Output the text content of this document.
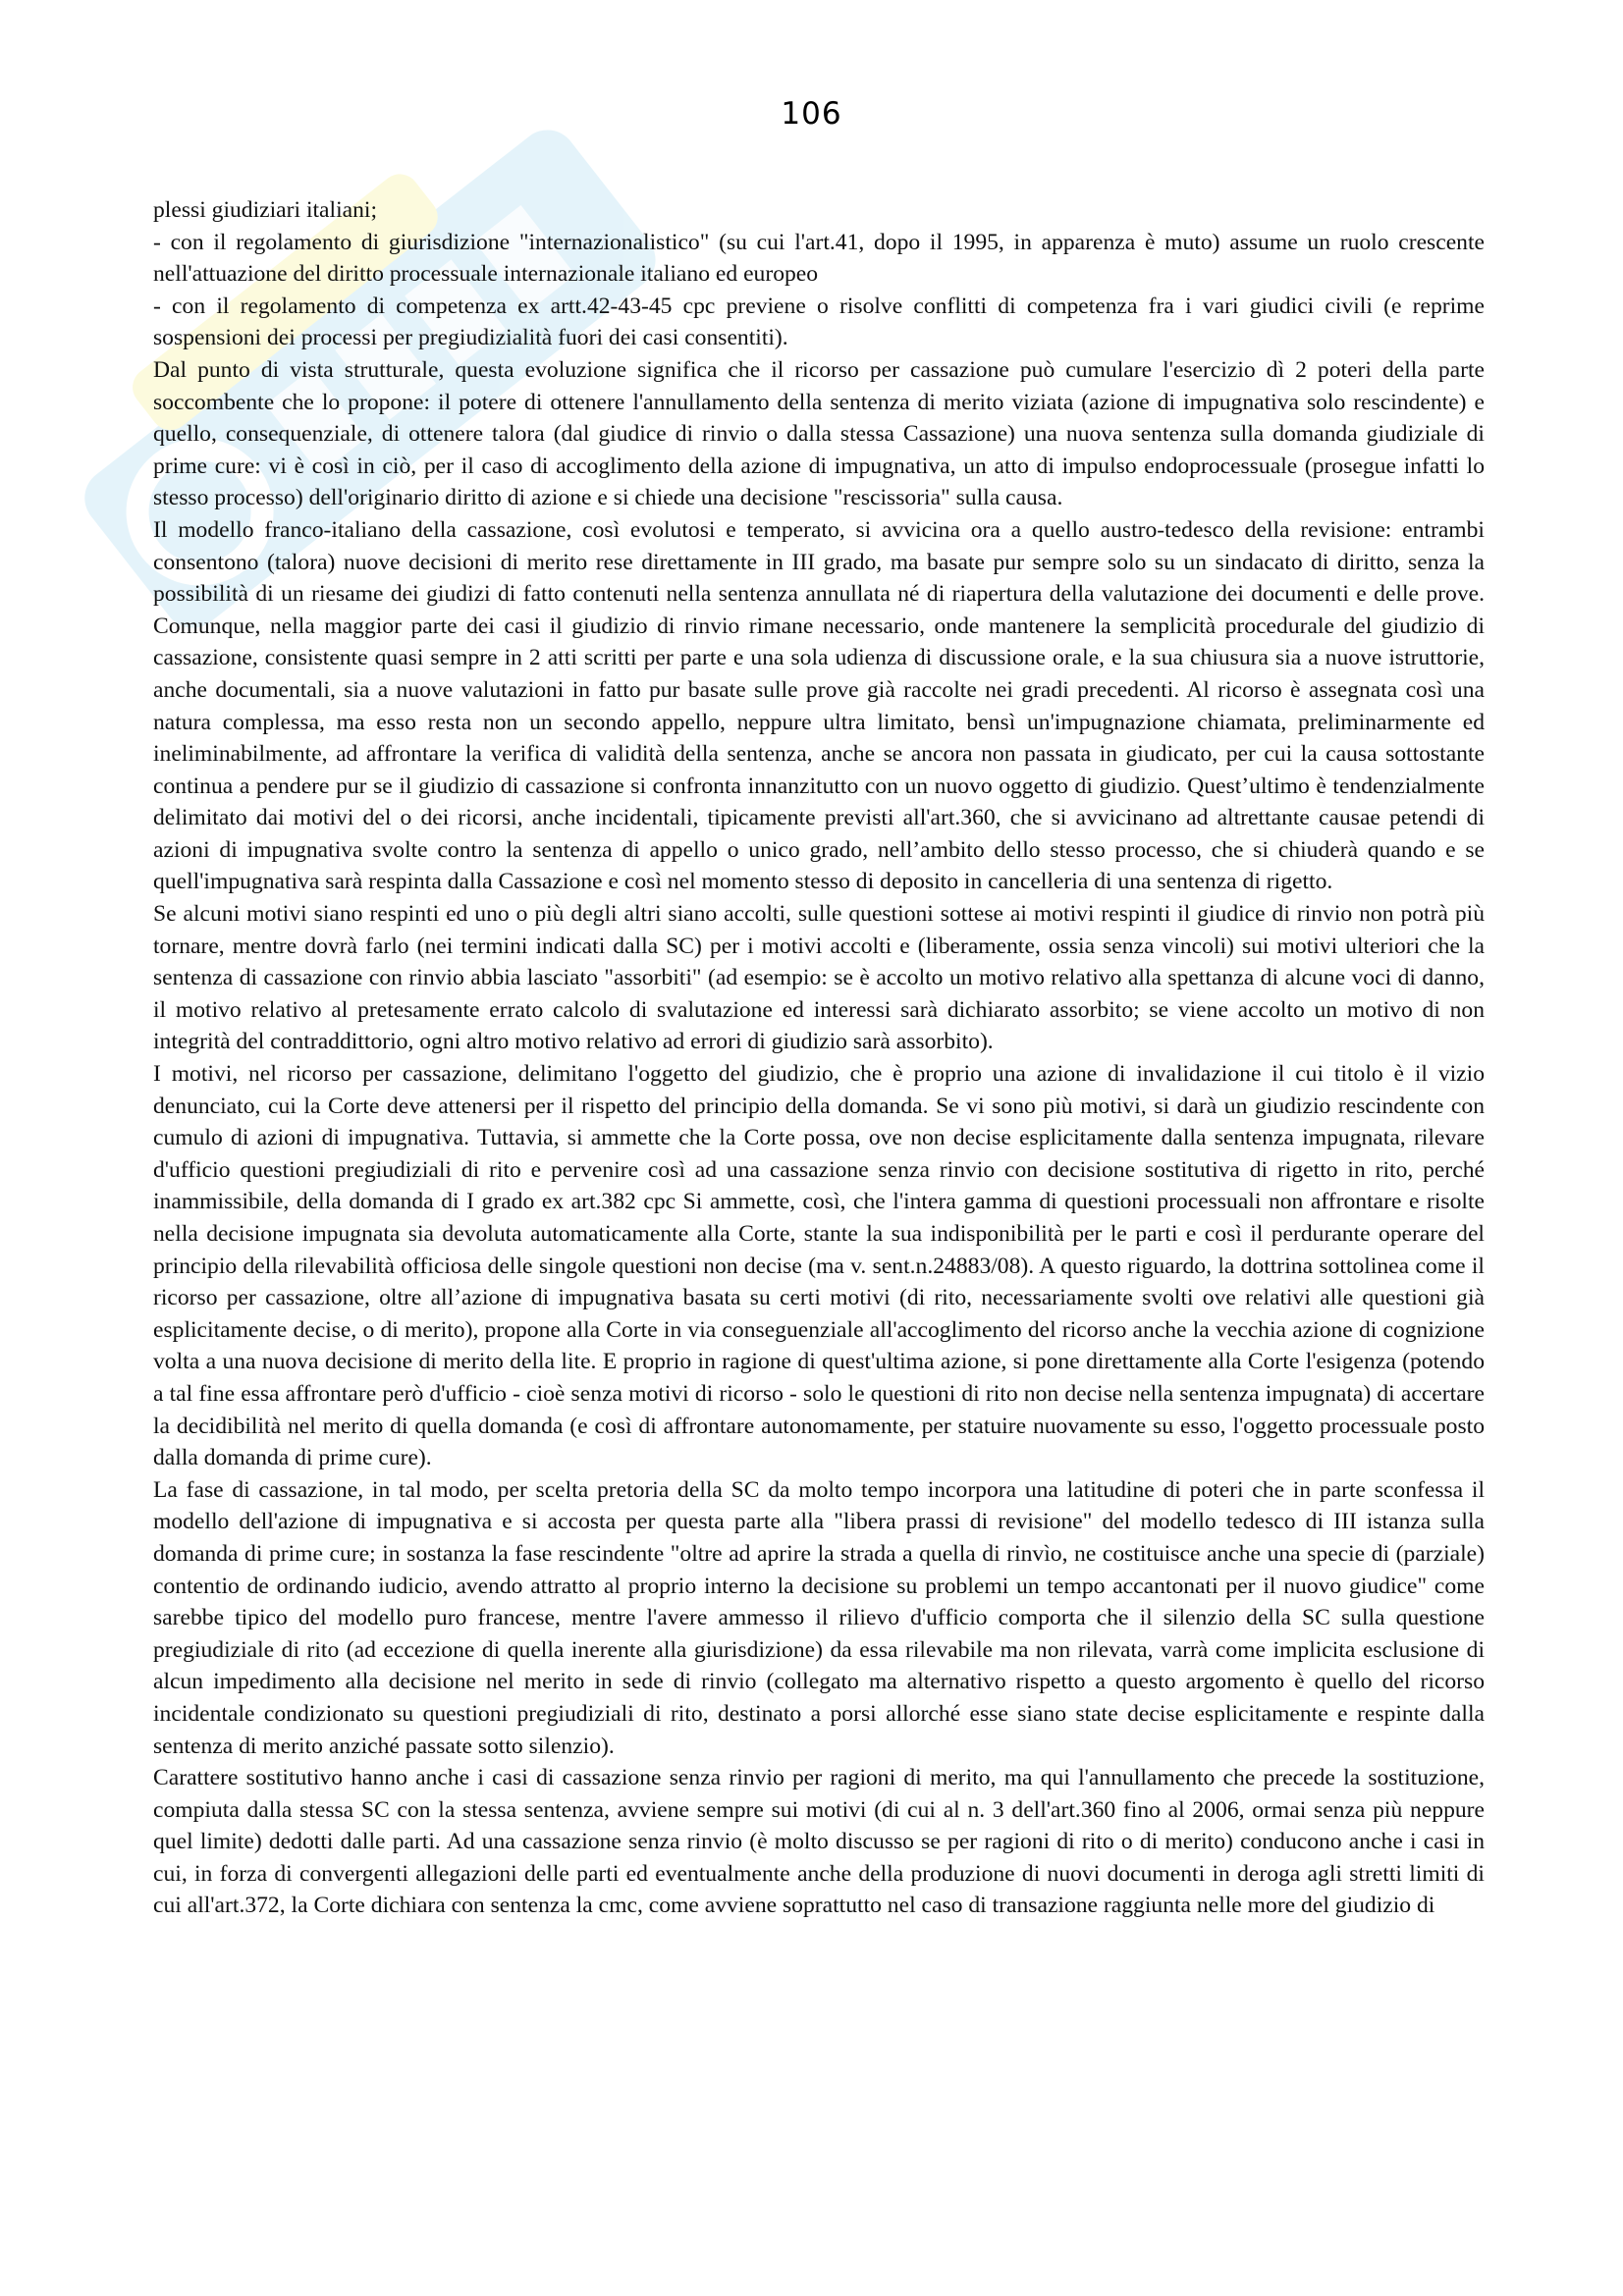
106

plessi giudiziari italiani;

- con il regolamento di giurisdizione "internazionalistico" (su cui l'art.41, dopo il 1995, in apparenza è muto) assume un ruolo crescente nell'attuazione del diritto processuale internazionale italiano ed europeo

- con il regolamento di competenza ex artt.42-43-45 cpc previene o risolve conflitti di competenza fra i vari giudici civili (e reprime sospensioni dei processi per pregiudizialità fuori dei casi consentiti).

Dal punto di vista strutturale, questa evoluzione significa che il ricorso per cassazione può cumulare l'esercizio dì 2 poteri della parte soccombente che lo propone: il potere di ottenere l'annullamento della sentenza di merito viziata (azione di impugnativa solo rescindente) e quello, consequenziale, di ottenere talora (dal giudice di rinvio o dalla stessa Cassazione) una nuova sentenza sulla domanda giudiziale di prime cure: vi è così in ciò, per il caso di accoglimento della azione di impugnativa, un atto di impulso endoprocessuale (prosegue infatti lo stesso processo) dell'originario diritto di azione e si chiede una decisione "rescissoria" sulla causa.

Il modello franco-italiano della cassazione, così evolutosi e temperato, si avvicina ora a quello austro-tedesco della revisione: entrambi consentono (talora) nuove decisioni di merito rese direttamente in III grado, ma basate pur sempre solo su un sindacato di diritto, senza la possibilità di un riesame dei giudizi di fatto contenuti nella sentenza annullata né di riapertura della valutazione dei documenti e delle prove. Comunque, nella maggior parte dei casi il giudizio di rinvio rimane necessario, onde mantenere la semplicità procedurale del giudizio di cassazione, consistente quasi sempre in 2 atti scritti per parte e una sola udienza di discussione orale, e la sua chiusura sia a nuove istruttorie, anche documentali, sia a nuove valutazioni in fatto pur basate sulle prove già raccolte nei gradi precedenti. Al ricorso è assegnata così una natura complessa, ma esso resta non un secondo appello, neppure ultra limitato, bensì un'impugnazione chiamata, preliminarmente ed ineliminabilmente, ad affrontare la verifica di validità della sentenza, anche se ancora non passata in giudicato, per cui la causa sottostante continua a pendere pur se il giudizio di cassazione si confronta innanzitutto con un nuovo oggetto di giudizio. Quest’ultimo è tendenzialmente delimitato dai motivi del o dei ricorsi, anche incidentali, tipicamente previsti all'art.360, che si avvicinano ad altrettante causae petendi di azioni di impugnativa svolte contro la sentenza di appello o unico grado, nell’ambito dello stesso processo, che si chiuderà quando e se quell'impugnativa sarà respinta dalla Cassazione e così nel momento stesso di deposito in cancelleria di una sentenza di rigetto.

Se alcuni motivi siano respinti ed uno o più degli altri siano accolti, sulle questioni sottese ai motivi respinti il giudice di rinvio non potrà più tornare, mentre dovrà farlo (nei termini indicati dalla SC) per i motivi accolti e (liberamente, ossia senza vincoli) sui motivi ulteriori che la sentenza di cassazione con rinvio abbia lasciato "assorbiti" (ad esempio: se è accolto un motivo relativo alla spettanza di alcune voci di danno, il motivo relativo al pretesamente errato calcolo di svalutazione ed interessi sarà dichiarato assorbito; se viene accolto un motivo di non integrità del contraddittorio, ogni altro motivo relativo ad errori di giudizio sarà assorbito).

I motivi, nel ricorso per cassazione, delimitano l'oggetto del giudizio, che è proprio una azione di invalidazione il cui titolo è il vizio denunciato, cui la Corte deve attenersi per il rispetto del principio della domanda. Se vi sono più motivi, si darà un giudizio rescindente con cumulo di azioni di impugnativa. Tuttavia, si ammette che la Corte possa, ove non decise esplicitamente dalla sentenza impugnata, rilevare d'ufficio questioni pregiudiziali di rito e pervenire così ad una cassazione senza rinvio con decisione sostitutiva di rigetto in rito, perché inammissibile, della domanda di I grado ex art.382 cpc Si ammette, così, che l'intera gamma di questioni processuali non affrontare e risolte nella decisione impugnata sia devoluta automaticamente alla Corte, stante la sua indisponibilità per le parti e così il perdurante operare del principio della rilevabilità officiosa delle singole questioni non decise (ma v. sent.n.24883/08). A questo riguardo, la dottrina sottolinea come il ricorso per cassazione, oltre all’azione di impugnativa basata su certi motivi (di rito, necessariamente svolti ove relativi alle questioni già esplicitamente decise, o di merito), propone alla Corte in via conseguenziale all'accoglimento del ricorso anche la vecchia azione di cognizione volta a una nuova decisione di merito della lite. E proprio in ragione di quest'ultima azione, si pone direttamente alla Corte l'esigenza (potendo a tal fine essa affrontare però d'ufficio - cioè senza motivi di ricorso - solo le questioni di rito non decise nella sentenza impugnata) di accertare la decidibilità nel merito di quella domanda (e così di affrontare autonomamente, per statuire nuovamente su esso, l'oggetto processuale posto dalla domanda di prime cure).

La fase di cassazione, in tal modo, per scelta pretoria della SC da molto tempo incorpora una latitudine di poteri che in parte sconfessa il modello dell'azione di impugnativa e si accosta per questa parte alla "libera prassi di revisione" del modello tedesco di III istanza sulla domanda di prime cure; in sostanza la fase rescindente "oltre ad aprire la strada a quella di rinvìo, ne costituisce anche una specie di (parziale) contentio de ordinando iudicio, avendo attratto al proprio interno la decisione su problemi un tempo accantonati per il nuovo giudice" come sarebbe tipico del modello puro francese, mentre l'avere ammesso il rilievo d'ufficio comporta che il silenzio della SC sulla questione pregiudiziale di rito (ad eccezione di quella inerente alla giurisdizione) da essa rilevabile ma non rilevata, varrà come implicita esclusione di alcun impedimento alla decisione nel merito in sede di rinvio (collegato ma alternativo rispetto a questo argomento è quello del ricorso incidentale condizionato su questioni pregiudiziali di rito, destinato a porsi allorché esse siano state decise esplicitamente e respinte dalla sentenza di merito anziché passate sotto silenzio).

Carattere sostitutivo hanno anche i casi di cassazione senza rinvio per ragioni di merito, ma qui l'annullamento che precede la sostituzione, compiuta dalla stessa SC con la stessa sentenza, avviene sempre sui motivi (di cui al n. 3 dell'art.360 fino al 2006, ormai senza più neppure quel limite) dedotti dalle parti. Ad una cassazione senza rinvio (è molto discusso se per ragioni di rito o di merito) conducono anche i casi in cui, in forza di convergenti allegazioni delle parti ed eventualmente anche della produzione di nuovi documenti in deroga agli stretti limiti di cui all'art.372, la Corte dichiara con sentenza la cmc, come avviene soprattutto nel caso di transazione raggiunta nelle more del giudizio di
